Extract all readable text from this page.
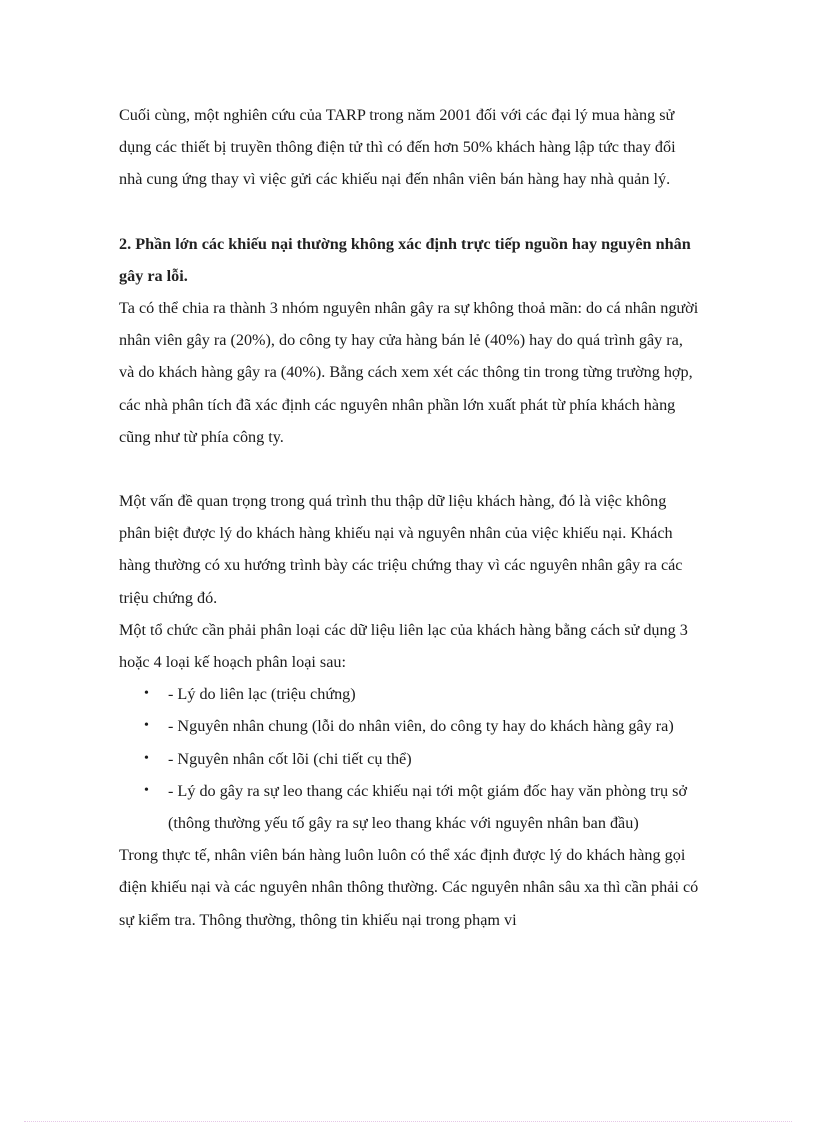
Cuối cùng, một nghiên cứu của TARP trong năm 2001 đối với các đại lý mua hàng sử dụng các thiết bị truyền thông điện tử thì có đến hơn 50% khách hàng lập tức thay đổi nhà cung ứng thay vì việc gửi các khiếu nại đến nhân viên bán hàng hay nhà quản lý.

2. Phần lớn các khiếu nại thường không xác định trực tiếp nguồn hay nguyên nhân gây ra lỗi.

Ta có thể chia ra thành 3 nhóm nguyên nhân gây ra sự không thoả mãn: do cá nhân người nhân viên gây ra (20%), do công ty hay cửa hàng bán lẻ (40%) hay do quá trình gây ra, và do khách hàng gây ra (40%). Bằng cách xem xét các thông tin trong từng trường hợp, các nhà phân tích đã xác định các nguyên nhân phần lớn xuất phát từ phía khách hàng cũng như từ phía công ty.

Một vấn đề quan trọng trong quá trình thu thập dữ liệu khách hàng, đó là việc không phân biệt được lý do khách hàng khiếu nại và nguyên nhân của việc khiếu nại. Khách hàng thường có xu hướng trình bày các triệu chứng thay vì các nguyên nhân gây ra các triệu chứng đó.

Một tổ chức cần phải phân loại các dữ liệu liên lạc của khách hàng bằng cách sử dụng 3 hoặc 4 loại kế hoạch phân loại sau:

• - Lý do liên lạc (triệu chứng)
• - Nguyên nhân chung (lỗi do nhân viên, do công ty hay do khách hàng gây ra)
• - Nguyên nhân cốt lõi (chi tiết cụ thể)
• - Lý do gây ra sự leo thang các khiếu nại tới một giám đốc hay văn phòng trụ sở (thông thường yếu tố gây ra sự leo thang khác với nguyên nhân ban đầu)

Trong thực tế, nhân viên bán hàng luôn luôn có thể xác định được lý do khách hàng gọi điện khiếu nại và các nguyên nhân thông thường. Các nguyên nhân sâu xa thì cần phải có sự kiểm tra. Thông thường, thông tin khiếu nại trong phạm vi
